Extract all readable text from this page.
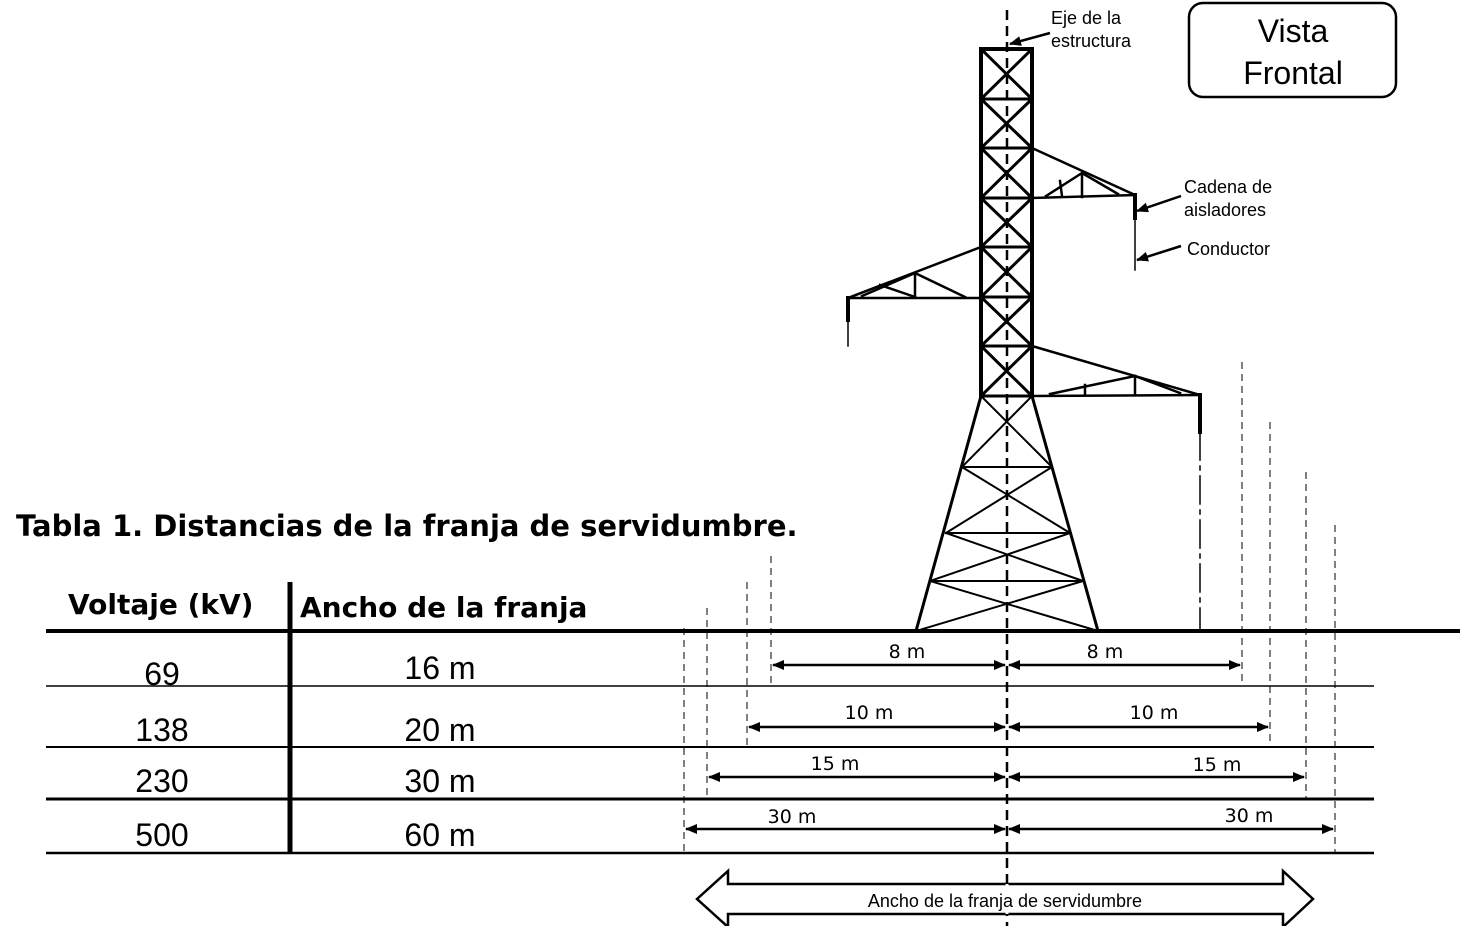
Tabla 1. Distancias de la franja de servidumbre.
Voltaje (kV) Ancho de la franja
69	16 m
138	20 m
230	30 m
500	60 m
Vista
Frontal
8 m	8 m
10 m	10 m
15 m	15 m
30 m	30 m
Eje de la
estructura
Cadena de
aisladores
Conductor
Ancho de la franja de servidumbre
